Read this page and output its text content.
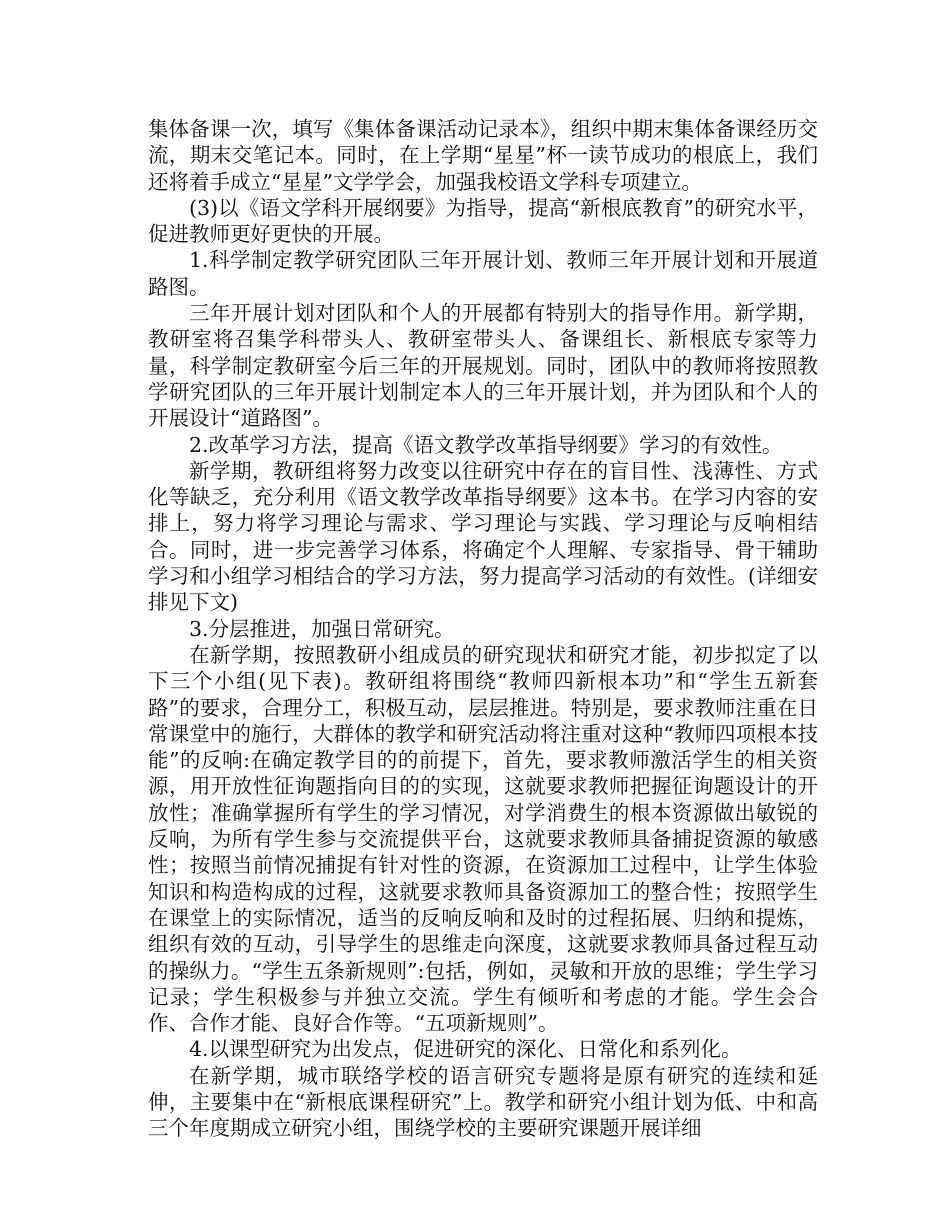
集体备课一次，填写《集体备课活动记录本》，组织中期末集体备课经历交流，期末交笔记本。同时，在上学期“星星”杯一读节成功的根底上，我们还将着手成立“星星”文学学会，加强我校语文学科专项建立。

(3)以《语文学科开展纲要》为指导，提高“新根底教育”的研究水平，促进教师更好更快的开展。

1.科学制定教学研究团队三年开展计划、教师三年开展计划和开展道路图。

三年开展计划对团队和个人的开展都有特别大的指导作用。新学期，教研室将召集学科带头人、教研室带头人、备课组长、新根底专家等力量，科学制定教研室今后三年的开展规划。同时，团队中的教师将按照教学研究团队的三年开展计划制定本人的三年开展计划，并为团队和个人的开展设计“道路图”。

2.改革学习方法，提高《语文教学改革指导纲要》学习的有效性。

新学期，教研组将努力改变以往研究中存在的盲目性、浅薄性、方式化等缺乏，充分利用《语文教学改革指导纲要》这本书。在学习内容的安排上，努力将学习理论与需求、学习理论与实践、学习理论与反响相结合。同时，进一步完善学习体系，将确定个人理解、专家指导、骨干辅助学习和小组学习相结合的学习方法，努力提高学习活动的有效性。(详细安排见下文)

3.分层推进，加强日常研究。

在新学期，按照教研小组成员的研究现状和研究才能，初步拟定了以下三个小组(见下表)。教研组将围绕“教师四新根本功”和“学生五新套路”的要求，合理分工，积极互动，层层推进。特别是，要求教师注重在日常课堂中的施行，大群体的教学和研究活动将注重对这种“教师四项根本技能”的反响:在确定教学目的的前提下，首先，要求教师激活学生的相关资源，用开放性征询题指向目的的实现，这就要求教师把握征询题设计的开放性；准确掌握所有学生的学习情况，对学消费生的根本资源做出敏锐的反响，为所有学生参与交流提供平台，这就要求教师具备捕捉资源的敏感性；按照当前情况捕捉有针对性的资源，在资源加工过程中，让学生体验知识和构造构成的过程，这就要求教师具备资源加工的整合性；按照学生在课堂上的实际情况，适当的反响反响和及时的过程拓展、归纳和提炼，组织有效的互动，引导学生的思维走向深度，这就要求教师具备过程互动的操纵力。“学生五条新规则”:包括，例如，灵敏和开放的思维；学生学习记录；学生积极参与并独立交流。学生有倾听和考虑的才能。学生会合作、合作才能、良好合作等。“五项新规则”。

4.以课型研究为出发点，促进研究的深化、日常化和系列化。

在新学期，城市联络学校的语言研究专题将是原有研究的连续和延伸，主要集中在“新根底课程研究”上。教学和研究小组计划为低、中和高三个年度期成立研究小组，围绕学校的主要研究课题开展详细
